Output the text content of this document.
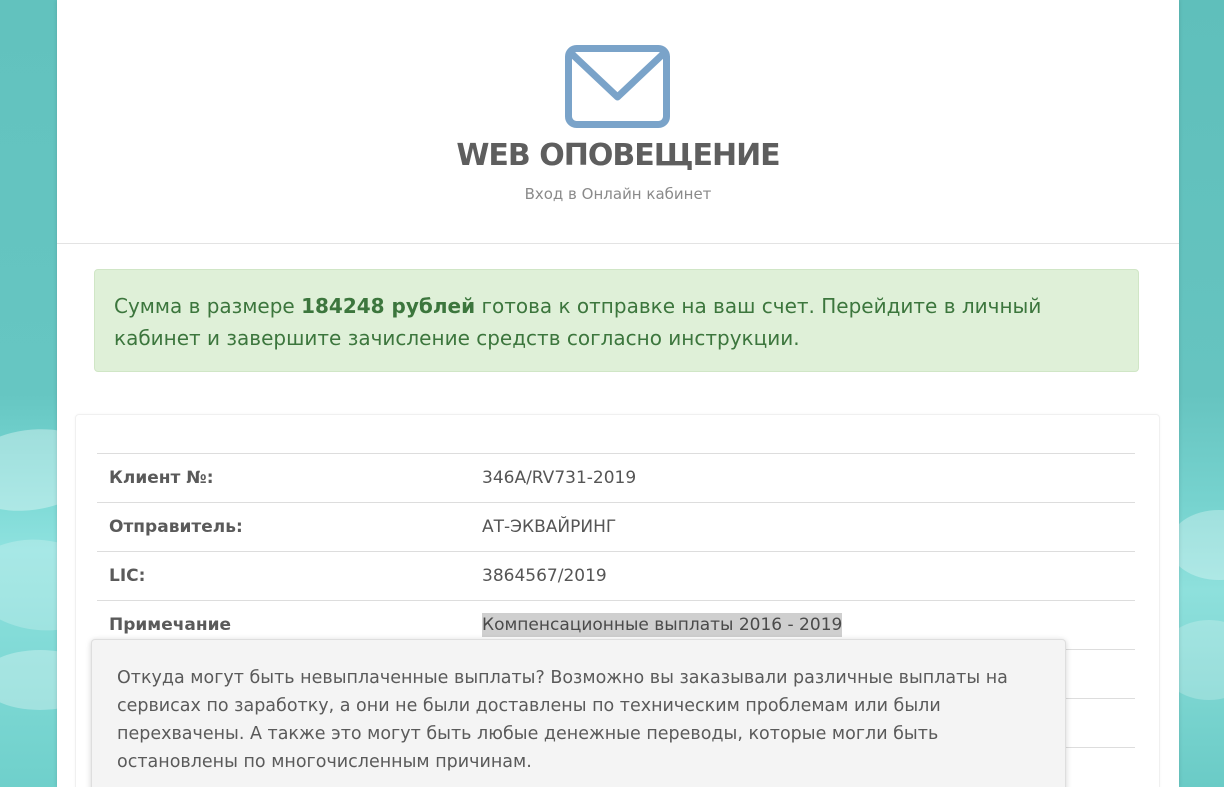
WEB ОПОВЕЩЕНИЕ
Вход в Онлайн кабинет
Сумма в размере 184248 рублей готова к отправке на ваш счет. Перейдите в личный кабинет и завершите зачисление средств согласно инструкции.
Клиент №:	346A/RV731-2019
Отправитель:	АТ-ЭКВАЙРИНГ
LIC:	3864567/2019
Примечание	Компенсационные выплаты 2016 - 2019

Откуда могут быть невыплаченные выплаты? Возможно вы заказывали различные выплаты на сервисах по заработку, а они не были доставлены по техническим проблемам или были перехвачены. А также это могут быть любые денежные переводы, которые могли быть остановлены по многочисленным причинам.
